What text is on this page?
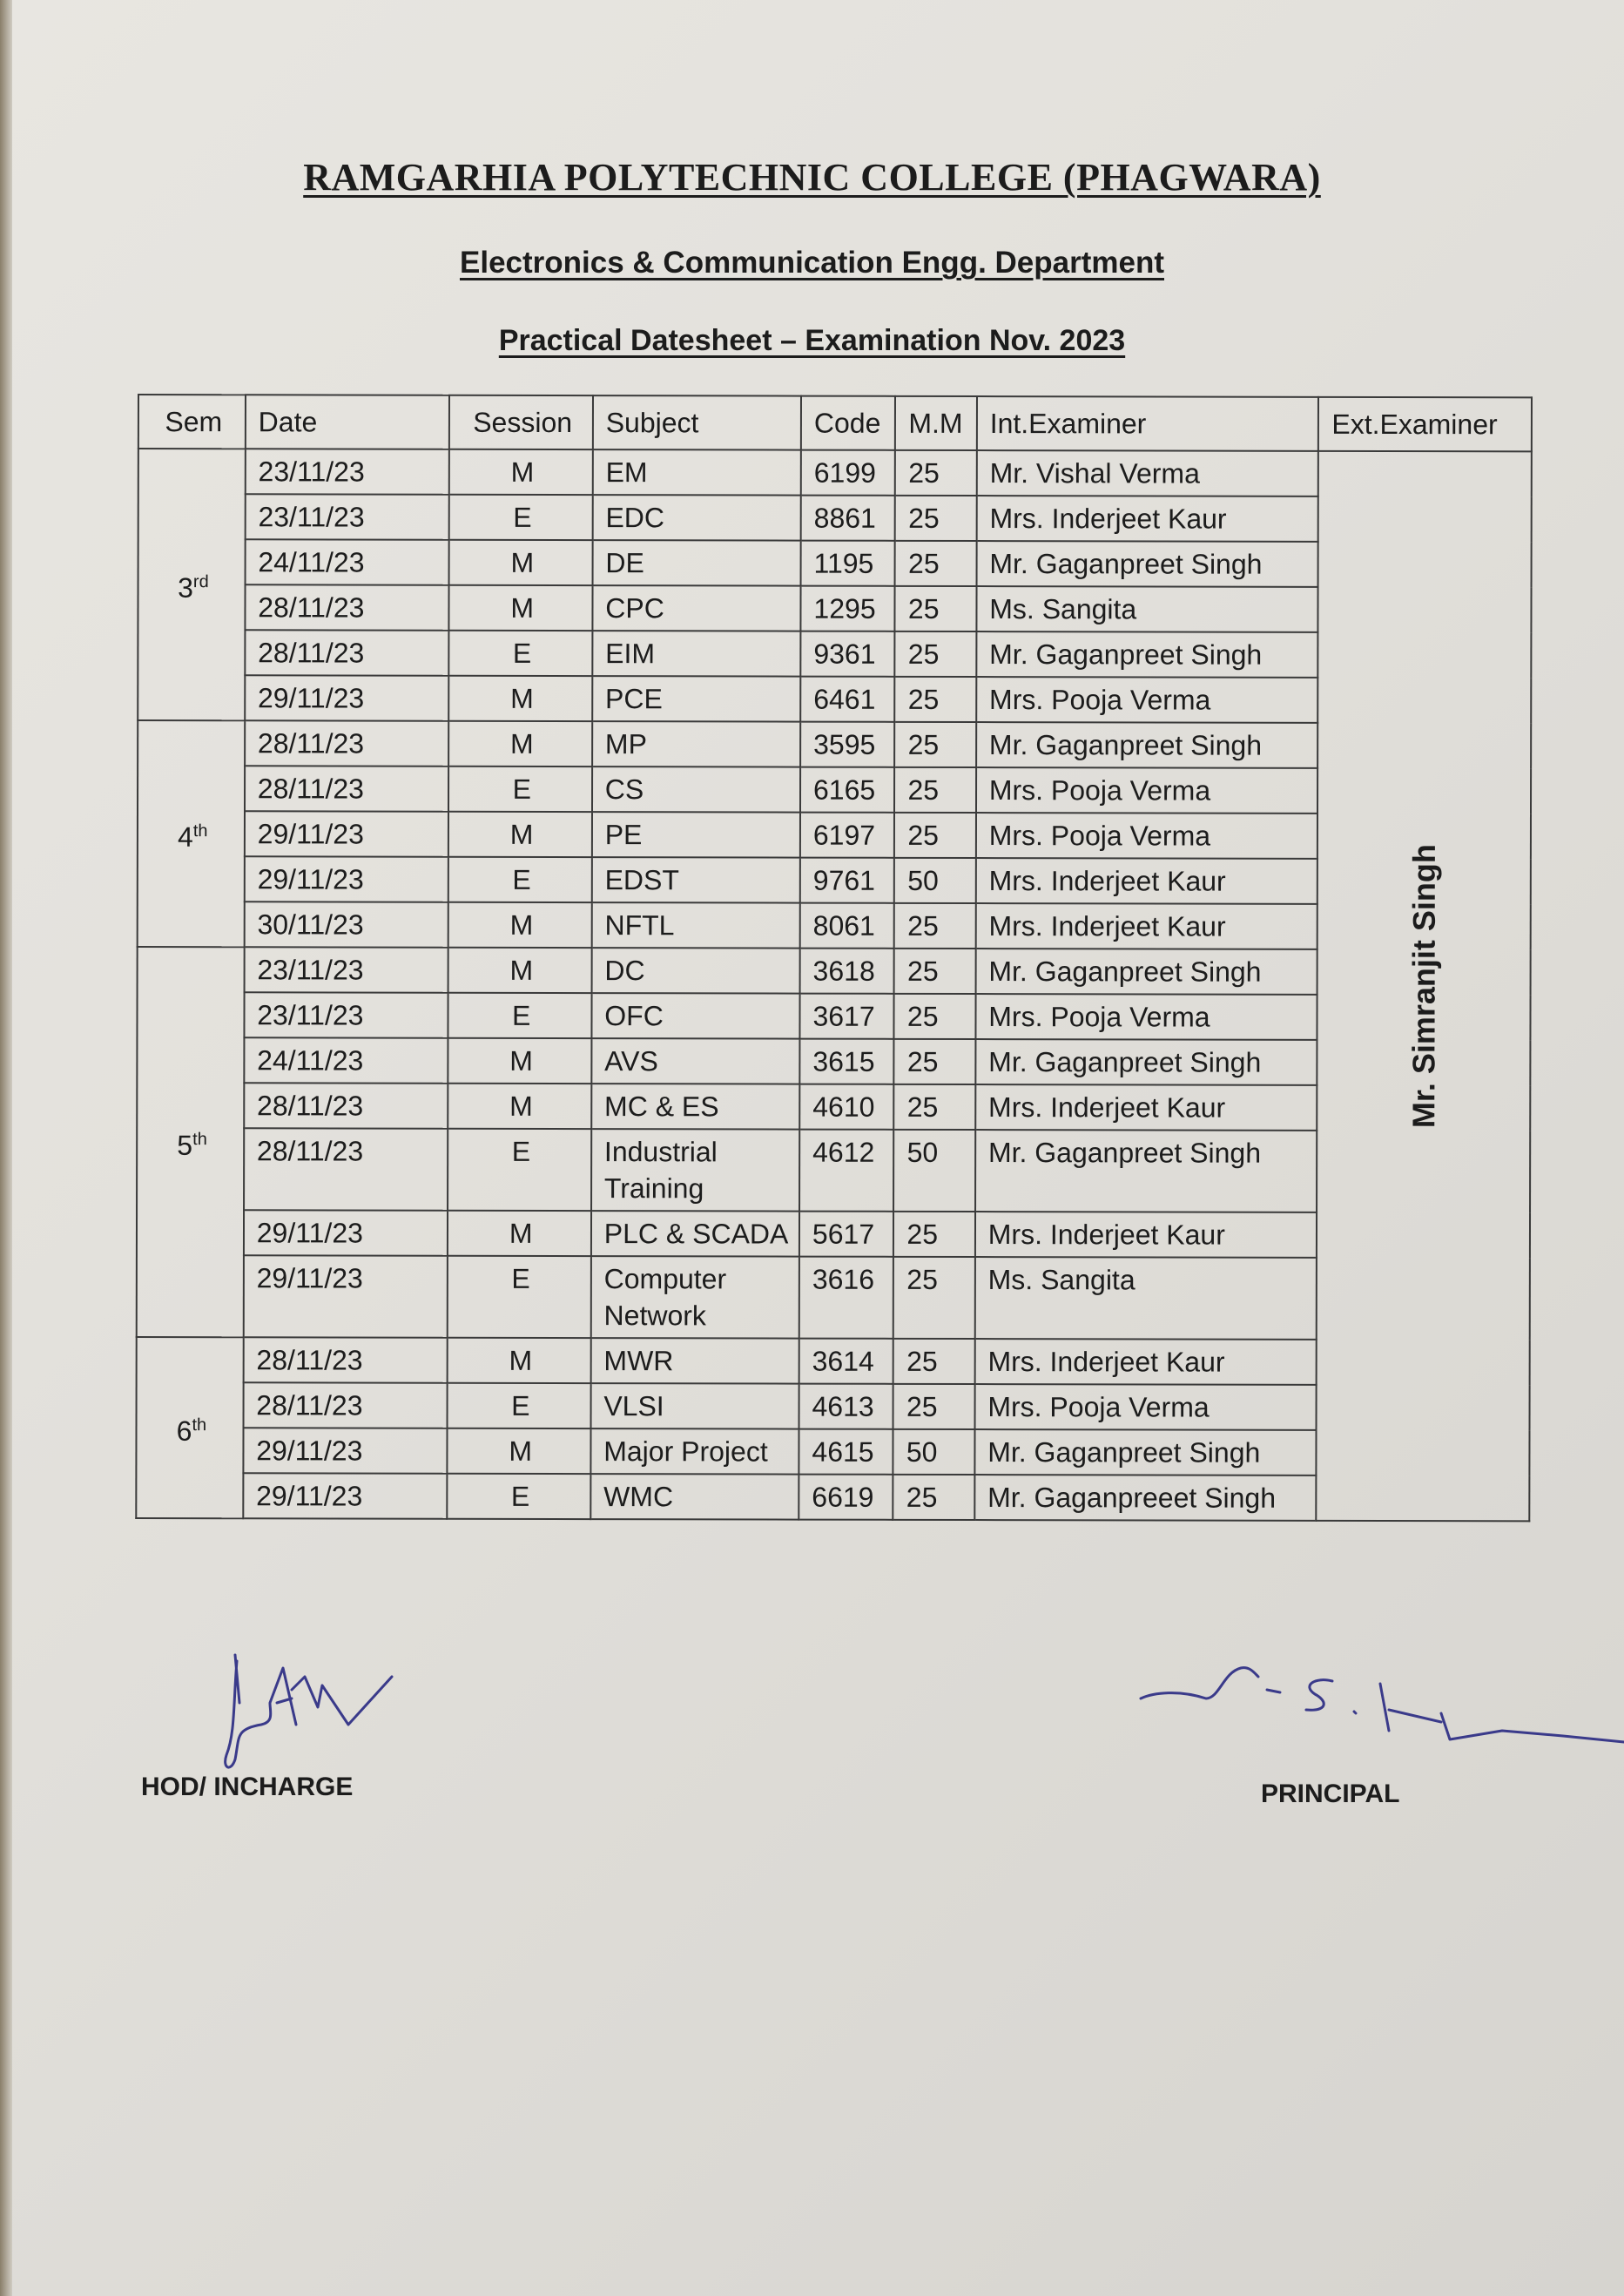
RAMGARHIA POLYTECHNIC COLLEGE (PHAGWARA)
Electronics & Communication Engg. Department
Practical Datesheet – Examination Nov. 2023
Sem	Date	Session	Subject	Code	M.M	Int.Examiner	Ext.Examiner
3rd	23/11/23	M	EM	6199	25	Mr. Vishal Verma	Mr. Simranjit Singh

	23/11/23	E	EDC	8861	25	Mrs. Inderjeet Kaur	
	24/11/23	M	DE	1195	25	Mr. Gaganpreet Singh	
	28/11/23	M	CPC	1295	25	Ms. Sangita	
	28/11/23	E	EIM	9361	25	Mr. Gaganpreet Singh	
	29/11/23	M	PCE	6461	25	Mrs. Pooja Verma	
4th	28/11/23	M	MP	3595	25	Mr. Gaganpreet Singh	
	28/11/23	E	CS	6165	25	Mrs. Pooja Verma	
	29/11/23	M	PE	6197	25	Mrs. Pooja Verma	
	29/11/23	E	EDST	9761	50	Mrs. Inderjeet Kaur	
	30/11/23	M	NFTL	8061	25	Mrs. Inderjeet Kaur	
5th	23/11/23	M	DC	3618	25	Mr. Gaganpreet Singh	
	23/11/23	E	OFC	3617	25	Mrs. Pooja Verma	
	24/11/23	M	AVS	3615	25	Mr. Gaganpreet Singh	
	28/11/23	M	MC & ES	4610	25	Mrs. Inderjeet Kaur	
	28/11/23	E	Industrial Training	4612	50	Mr. Gaganpreet Singh	
	29/11/23	M	PLC & SCADA	5617	25	Mrs. Inderjeet Kaur	
	29/11/23	E	Computer Network	3616	25	Ms. Sangita	
6th	28/11/23	M	MWR	3614	25	Mrs. Inderjeet Kaur	
	28/11/23	E	VLSI	4613	25	Mrs. Pooja Verma	
	29/11/23	M	Major Project	4615	50	Mr. Gaganpreet Singh	
	29/11/23	E	WMC	6619	25	Mr. Gaganpreeet Singh	
HOD/ INCHARGE	PRINCIPAL
